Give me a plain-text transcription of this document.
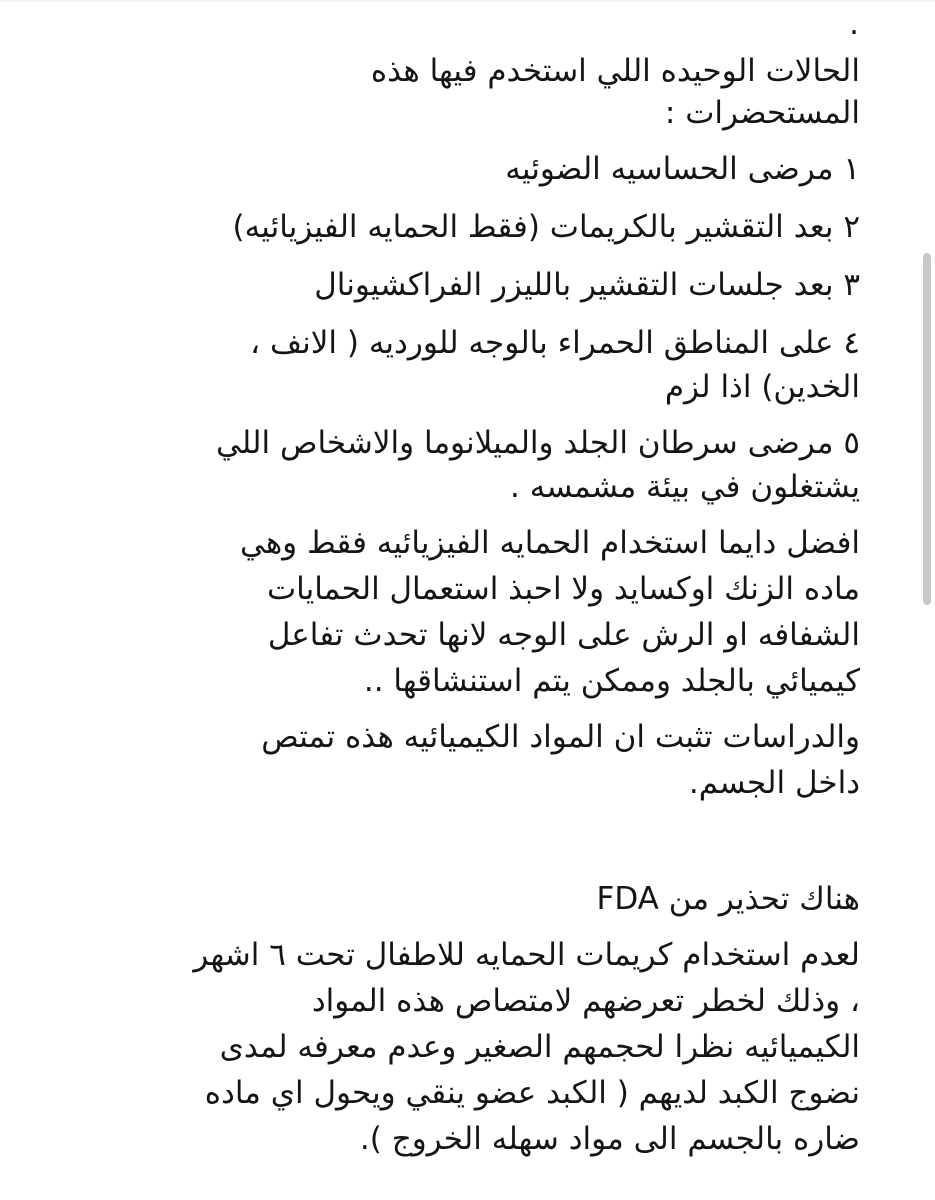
.
الحالات الوحيده اللي استخدم فيها هذه
المستحضرات :
١ مرضى الحساسيه الضوئيه
٢ بعد التقشير بالكريمات (فقط الحمايه الفيزيائيه)
٣ بعد جلسات التقشير بالليزر الفراكشيونال
٤ على المناطق الحمراء بالوجه للورديه ( الانف ،
الخدين) اذا لزم
٥ مرضى سرطان الجلد والميلانوما والاشخاص اللي
يشتغلون في بيئة مشمسه .
افضل دايما استخدام الحمايه الفيزيائيه فقط وهي
ماده الزنك اوكسايد ولا احبذ استعمال الحمايات
الشفافه او الرش على الوجه لانها تحدث تفاعل
كيميائي بالجلد وممكن يتم استنشاقها ..
والدراسات تثبت ان المواد الكيميائيه هذه تمتص
داخل الجسم.
هناك تحذير من FDA
لعدم استخدام كريمات الحمايه للاطفال تحت ٦ اشهر
، وذلك لخطر تعرضهم لامتصاص هذه المواد
الكيميائيه نظرا لحجمهم الصغير وعدم معرفه لمدى
نضوج الكبد لديهم ( الكبد عضو ينقي ويحول اي ماده
ضاره بالجسم الى مواد سهله الخروج ).
